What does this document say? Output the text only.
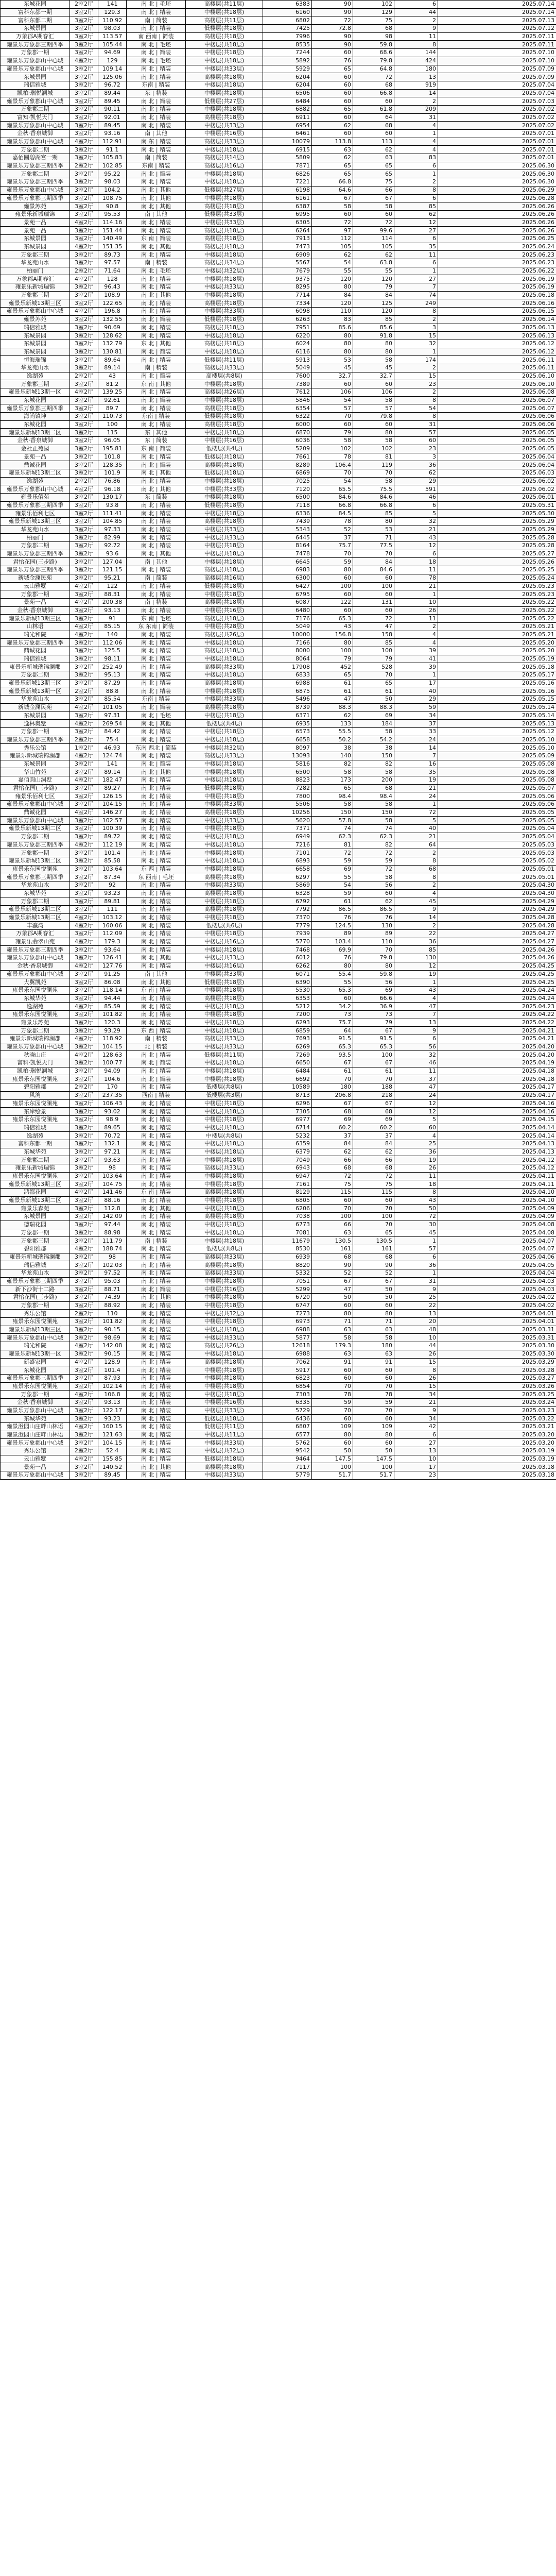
东城花园	2室2厅	141	南 北 | 毛坯	高楼层(共11层)	6383	90	102	6	2025.07.14
富科东都一期	3室2厅	129.3	南 北 | 精装	中楼层(共18层)	6160	90	129	44	2025.07.14
富科东都二期	3室2厅	110.92	南 | 简装	高楼层(共11层)	6802	72	75	2	2025.07.13
东城景园	3室2厅	98.03	南 北 | 精装	低楼层(共18层)	7425	72.8	68	9	2025.07.12
万象郡A期春汇	3室2厅	113.57	南 西南 | 简装	高楼层(共18层)	7996	90	98	11	2025.07.11
雍景乐万象郡三期四季	3室2厅	105.44	南 北 | 毛坯	中楼层(共18层)	8535	90	59.8	8	2025.07.11
万象郡一期	3室2厅	94.69	南 北 | 简装	中楼层(共18层)	7244	60	68.6	144	2025.07.10
雍景乐万象郡山中心城	4室2厅	129	南 北 | 毛坯	中楼层(共18层)	5892	76	79.8	424	2025.07.10
雍景乐万象郡山中心城	3室2厅	109.14	南 北 | 精装	中楼层(共33层)	5929	65	64.8	180	2025.07.09
东城景园	3室2厅	125.06	南 北 | 精装	高楼层(共18层)	6204	60	72	13	2025.07.09
瑞信雅城	3室2厅	96.72	东南 | 精装	中楼层(共18层)	6204	60	68	919	2025.07.04
凯柏·瑞悦澜城	3室2厅	89.44	东 | 精装	中楼层(共18层)	6506	60	66.8	14	2025.07.04
雍景乐万象郡山中心城	3室2厅	89.45	南 北 | 简装	低楼层(共27层)	6484	60	60	2	2025.07.03
万象郡二期	3室2厅	90.11	南 北 | 精装	中楼层(共18层)	6882	65	61.8	209	2025.07.02
富知·凯悦天门	3室2厅	92.01	南 北 | 精装	高楼层(共18层)	6911	60	64	31	2025.07.02
雍景乐万象郡山中心城	3室2厅	89.45	南 北 | 精装	中楼层(共33层)	6954	62	68	4	2025.07.02
金秋·香泉城御	3室2厅	93.16	南 | 其他	中楼层(共16层)	6461	60	60	1	2025.07.01
雍景乐万象郡山中心城	4室2厅	112.91	南 东 | 精装	高楼层(共33层)	10079	113.8	113	4	2025.07.01
万象郡二期	3室2厅	91.1	南 北 | 精装	中楼层(共18层)	6915	63	62	4	2025.07.01
嘉佰圆碧湖宫一期	3室2厅	105.83	南 | 简装	高楼层(共14层)	5809	62	63	83	2025.07.01
雍景乐万象郡三期四季	2室2厅	102.85	东南 | 精装	高楼层(共16层)	7871	65	65	6	2025.06.30
万象郡二期	3室2厅	95.22	南 北 | 简装	中楼层(共18层)	6826	65	65	1	2025.06.30
雍景乐万象郡三期四季	3室2厅	98.03	南 北 | 精装	中楼层(共18层)	7221	66.8	75	2	2025.06.30
雍景乐万象郡山中心城	3室2厅	104.2	南 北 | 其他	低楼层(共27层)	6198	64.6	66	8	2025.06.29
雍景乐万象郡三期四季	3室2厅	108.75	南 北 | 其他	中楼层(共18层)	6161	67	67	6	2025.06.28
雍景苏苑	3室2厅	90.8	南 北 | 其他	高楼层(共18层)	6387	58	58	85	2025.06.26
雍景乐新城瑞锦	3室2厅	95.53	南 | 其他	低楼层(共33层)	6995	60	60	62	2025.06.26
景苑一品	4室2厅	114.16	南 北 | 精装	中楼层(共33层)	6305	72	72	12	2025.06.26
景苑一品	3室2厅	151.44	南 北 | 精装	高楼层(共18层)	6264	97	99.6	27	2025.06.26
东城景园	3室2厅	140.49	东 南 | 简装	高楼层(共18层)	7913	112	114	6	2025.06.25
东城景园	4室2厅	151.35	南 北 | 其他	高楼层(共18层)	7473	105	105	35	2025.06.24
万象郡三期	3室2厅	89.73	南 北 | 精装	中楼层(共18层)	6909	62	62	11	2025.06.23
华龙苑山水	3室2厅	97.57	南 | 精装	高楼层(共34层)	5567	54	63.8	6	2025.06.23
柏丽门	2室2厅	71.64	南 北 | 毛坯	中楼层(共32层)	7679	55	55	1	2025.06.22
万象郡A期春汇	4室2厅	128	南 北 | 精装	中楼层(共18层)	9375	120	120	27	2025.06.19
雍景乐新城瑞锦	3室2厅	96.43	南 北 | 精装	中楼层(共33层)	8295	80	79	7	2025.06.19
万象郡三期	3室2厅	108.9	南 北 | 其他	中楼层(共18层)	7714	84	84	74	2025.06.18
雍景乐新城13期三区	3室2厅	122.65	南 北 | 精装	高楼层(共18层)	7334	120	125	249	2025.06.16
雍景乐万象郡山中心城	4室2厅	196.8	南 北 | 精装	中楼层(共33层)	6098	110	120	8	2025.06.15
雍景苏苑	3室2厅	132.55	南 北 | 简装	低楼层(共18层)	6263	83	85	2	2025.06.14
瑞信雅城	3室2厅	90.69	南 北 | 精装	高楼层(共18层)	7951	85.6	85.6	3	2025.06.13
东城景园	3室2厅	128.62	南 北 | 精装	中楼层(共18层)	6220	80	91.8	15	2025.06.13
东城景园	3室2厅	132.79	东 北 | 其他	高楼层(共18层)	6024	80	80	32	2025.06.12
东城景园	3室2厅	130.81	南 北 | 简装	中楼层(共18层)	6116	80	80	1	2025.06.12
恒海瑞锦	3室2厅	89.64	南 北 | 精装	低楼层(共11层)	5913	53	58	174	2025.06.11
华龙苑山水	3室2厅	89.14	南 | 精装	高楼层(共33层)	5049	45	45	2	2025.06.11
逸湖苑	2室2厅	43	南 北 | 简装	高楼层(共8层)	7600	32.7	32.7	15	2025.06.10
万象郡三期	3室2厅	81.2	东 南 | 其他	中楼层(共18层)	7389	60	60	23	2025.06.10
雍景乐新城13期一区	4室2厅	139.25	南 北 | 精装	高楼层(共26层)	7612	106	106	2	2025.06.08
东城花园	3室2厅	92.61	南 北 | 简装	中楼层(共18层)	5846	54	58	8	2025.06.07
雍景乐万象郡三期四季	3室2厅	89.7	南 北 | 精装	高楼层(共18层)	6354	57	57	54	2025.06.07
海尚镇坤	3室2厅	110.73	东南 | 精装	低楼层(共18层)	6322	70	79.8	8	2025.06.06
东城花园	3室2厅	100	南 北 | 精装	高楼层(共18层)	6000	60	60	31	2025.06.06
雍景乐新城13期二区	3室2厅	115	东 | 其他	中楼层(共18层)	6870	79	80	57	2025.06.05
金秋·香泉城御	3室2厅	96.05	东 | 简装	中楼层(共16层)	6036	58	58	60	2025.06.05
金社正苑园	3室2厅	195.81	东 南 | 简装	低楼层(共4层)	5209	102	102	23	2025.06.05
景苑一品	3室2厅	101.8	南 北 | 精装	低楼层(共18层)	7661	78	81	3	2025.06.04
鼎诚花园	3室2厅	128.35	南 北 | 简装	高楼层(共18层)	8289	106.4	119	36	2025.06.04
雍景乐新城13期二区	3室2厅	101.9	南 北 | 其他	低楼层(共18层)	6869	70	70	62	2025.06.03
逸湖苑	2室2厅	76.86	南 北 | 精装	中楼层(共18层)	7025	54	58	29	2025.06.02
雍景乐万象郡山中心城	4室2厅	96.18	南 北 | 其他	中楼层(共33层)	7120	65.5	75.5	591	2025.06.02
雍景乐佰苑	3室2厅	130.17	东 | 简装	中楼层(共18层)	6500	84.6	84.6	46	2025.06.01
雍景乐万象郡三期四季	3室2厅	93.8	南 北 | 精装	低楼层(共18层)	7118	66.8	66.8	6	2025.05.31
雍景乐佰利七区	3室2厅	111.41	南 北 | 精装	中楼层(共18层)	6336	84.5	85	5	2025.05.30
雍景乐新城13期三区	3室2厅	104.85	南 北 | 精装	高楼层(共18层)	7439	78	80	32	2025.05.29
华龙苑山水	3室2厅	97.33	南 北 | 精装	中楼层(共33层)	5343	52	53	21	2025.05.29
柏丽门	3室2厅	82.99	南 北 | 精装	中楼层(共33层)	6445	37	71	43	2025.05.28
万象郡二期	3室2厅	92.72	南 北 | 精装	中楼层(共18层)	8164	75.7	77.5	12	2025.05.28
雍景乐万象郡三期四季	3室2厅	93.6	南 北 | 其他	中楼层(共18层)	7478	70	70	6	2025.05.27
君怡花园(三步路)	3室2厅	127.04	南 | 其他	中楼层(共18层)	6645	59	84	18	2025.05.26
雍景乐万象郡三期四季	3室2厅	121.15	南 北 | 精装	高楼层(共18层)	6983	80	84.6	11	2025.05.25
新城金澜民苑	3室2厅	95.21	南 | 简装	高楼层(共16层)	6300	60	60	78	2025.05.24
云山雅墅	4室2厅	122	南 北 | 精装	低楼层(共18层)	6427	100	100	21	2025.05.23
万象郡一期	3室2厅	88.31	南 北 | 精装	中楼层(共18层)	6795	60	60	1	2025.05.23
景苑一品	4室2厅	200.38	南 | 精装	高楼层(共18层)	6087	122	131	10	2025.05.22
金秋·香泉城御	3室2厅	93.13	南 北 | 精装	中楼层(共16层)	6480	60	60	26	2025.05.22
雍景乐新城13期三区	3室2厅	91	东 南 | 毛坯	高楼层(共18层)	7176	65.3	72	11	2025.05.22
山林语	4室2厅	85.15	东 东南 | 简装	中楼层(共28层)	5049	43	47	2	2025.05.21
瑞光和院	4室2厅	140	南 北 | 精装	高楼层(共26层)	10000	156.8	158	4	2025.05.21
雍景乐万象郡三期四季	3室2厅	112.06	南 北 | 精装	中楼层(共18层)	7166	80	85	4	2025.05.20
鼎诚花园	3室2厅	125.5	南 北 | 精装	高楼层(共18层)	8000	100	100	39	2025.05.20
瑞信雅城	3室2厅	98.11	南 北 | 精装	中楼层(共18层)	8064	79	79	41	2025.05.19
雍景乐新城瑞锦澜郡	3室2厅	252.49	南 北 | 精装	高楼层(共33层)	17908	452	528	39	2025.05.18
万象郡二期	3室2厅	95.13	南 北 | 精装	中楼层(共18层)	6833	65	70	1	2025.05.17
雍景乐新城13期三区	3室2厅	87.29	南 北 | 精装	高楼层(共18层)	6988	61	65	17	2025.05.16
雍景乐新城13期一区	2室2厅	88.8	南 北 | 精装	中楼层(共18层)	6875	61	61	40	2025.05.16
华龙苑山水	3室2厅	85.54	东南 | 精装	中楼层(共33层)	5496	47	50	29	2025.05.15
新城金澜民苑	4室2厅	101.05	南 北 | 简装	高楼层(共18层)	8739	88.3	88.3	59	2025.05.14
东城景园	3室2厅	97.31	南 北 | 毛坯	中楼层(共18层)	6371	62	69	34	2025.05.14
逸林奥墅	4室2厅	269.54	南 北 | 其他	低楼层(共4层)	6935	133	184	37	2025.05.13
万象郡一期	3室2厅	84.42	南 北 | 精装	中楼层(共18层)	6573	55.5	58	33	2025.05.12
雍景乐万象郡三期四季	2室2厅	75.4	南 北 | 精装	中楼层(共18层)	6658	50.2	54.2	24	2025.05.10
秀乐公馆	1室2厅	46.93	东南 西北 | 简装	中楼层(共32层)	8097	38	38	14	2025.05.10
雍景乐新城瑞锦澜郡	4室2厅	124.74	南 北 | 精装	高楼层(共33层)	13093	140	150	7	2025.05.09
东城景园	3室2厅	141	南 北 | 简装	中楼层(共18层)	5816	82	82	16	2025.05.08
华山竹苑	3室2厅	89.14	南 北 | 其他	中楼层(共18层)	6500	58	58	35	2025.05.08
嘉佰圆山洞墅	4室2厅	182.47	南 北 | 精装	中楼层(共18层)	8823	173	200	19	2025.05.08
君怡花园(三步路)	3室2厅	89.27	南 北 | 精装	低楼层(共18层)	7282	65	68	21	2025.05.07
雍景乐佰利七区	3室2厅	126.15	南 北 | 精装	中楼层(共18层)	7800	98.4	98.4	24	2025.05.06
雍景乐万象郡山中心城	3室2厅	104.15	南 北 | 精装	中楼层(共33层)	5506	58	58	1	2025.05.06
鼎诚花园	4室2厅	146.27	南 北 | 精装	高楼层(共18层)	10256	150	150	72	2025.05.05
雍景乐万象郡山中心城	3室2厅	102.57	南 北 | 精装	中楼层(共33层)	5620	57.8	58	5	2025.05.05
雍景乐新城13期二区	3室2厅	100.39	南 北 | 精装	中楼层(共18层)	7371	74	74	40	2025.05.04
万象郡二期	3室2厅	89.72	南 北 | 精装	中楼层(共18层)	6949	62.3	62.3	21	2025.05.04
雍景乐万象郡三期四季	4室2厅	112.19	南 北 | 精装	中楼层(共18层)	7216	81	82	64	2025.05.03
万象郡一期	3室2厅	101.4	南 北 | 精装	中楼层(共18层)	7101	72	72	2	2025.05.03
雍景乐新城13期二区	3室2厅	85.58	南 北 | 精装	中楼层(共18层)	6893	59	59	8	2025.05.02
雍景乐东园悦澜苑	3室2厅	103.64	东 西 | 精装	中楼层(共18层)	6658	69	72	68	2025.05.01
雍景乐万象郡三期四季	3室2厅	87.34	东 西南 | 毛坯	高楼层(共18层)	6297	55	58	8	2025.05.01
华龙苑山水	3室2厅	92	南 北 | 精装	中楼层(共33层)	5869	54	56	2	2025.04.30
东城华苑	3室2厅	93.23	南 北 | 精装	高楼层(共18层)	6328	59	60	4	2025.04.30
万象郡二期	3室2厅	89.81	南 北 | 精装	中楼层(共18层)	6792	61	62	45	2025.04.29
雍景乐新城13期二区	3室2厅	111	南 北 | 精装	高楼层(共18层)	7792	86.5	86.5	9	2025.04.29
雍景乐新城13期二区	4室2厅	103.12	南 北 | 精装	中楼层(共18层)	7370	76	76	14	2025.04.28
丰瀛湾	4室2厅	160.06	南 北 | 精装	低楼层(共6层)	7779	124.5	130	2	2025.04.28
万象郡A期春汇	3室2厅	112.09	南 北 | 精装	中楼层(共18层)	7939	89	89	22	2025.04.27
雍景乐翡翠山苑	4室2厅	179.3	南 北 | 精装	中楼层(共16层)	5770	103.4	110	36	2025.04.27
雍景乐万象郡三期四季	3室2厅	93.64	南 北 | 精装	中楼层(共18层)	7468	69.9	70	85	2025.04.26
雍景乐万象郡山中心城	3室2厅	126.41	南 北 | 其他	中楼层(共33层)	6012	76	79.8	130	2025.04.26
金秋·香泉城御	4室2厅	127.76	南 北 | 精装	中楼层(共16层)	6262	80	80	12	2025.04.25
雍景乐万象郡山中心城	3室2厅	91.25	南 | 其他	中楼层(共33层)	6071	55.4	59.8	19	2025.04.25
大翼凯苑	3室2厅	86.08	南 北 | 其他	低楼层(共18层)	6390	55	56	1	2025.04.25
雍景乐东园悦澜苑	3室2厅	118.14	东 南 | 精装	中楼层(共18层)	5530	65.3	69	43	2025.04.24
东城华苑	3室2厅	94.44	南 北 | 精装	高楼层(共18层)	6353	60	66.6	4	2025.04.24
逸湖苑	4室2厅	85.59	南 北 | 精装	中楼层(共18层)	5212	34.2	36.9	47	2025.04.23
雍景乐东园悦澜苑	3室2厅	101.82	南 北 | 精装	中楼层(共18层)	7200	73	73	7	2025.04.22
雍景乐苏苑	3室2厅	120.3	南 北 | 精装	中楼层(共18层)	6293	75.7	79	13	2025.04.22
万象郡二期	3室2厅	93.29	东 西 | 精装	中楼层(共18层)	6859	64	67	9	2025.04.21
雍景乐新城瑞锦澜郡	4室2厅	118.92	南 | 精装	高楼层(共33层)	7693	91.5	91.5	6	2025.04.21
雍景乐万象郡山中心城	3室2厅	104.15	北 | 精装	中楼层(共33层)	6269	65.3	65.3	56	2025.04.20
秋晓山庄	4室2厅	128.63	南 北 | 精装	低楼层(共11层)	7269	93.5	100	32	2025.04.20
富科·凯悦天门	3室2厅	100.77	南 北 | 简装	中楼层(共18层)	6650	67	67	46	2025.04.19
凯柏·瑞悦澜城	3室2厅	94.09	南 北 | 精装	中楼层(共18层)	6484	61	61	11	2025.04.18
雍景乐东园悦澜苑	3室2厅	104.6	南 北 | 简装	中楼层(共18层)	6692	70	70	37	2025.04.18
碧阳雅郡	2室2厅	170	南 北 | 精装	低楼层(共8层)	10589	180	188	47	2025.04.17
风湾	3室2厅	237.35	西南 | 精装	低楼层(共3层)	8713	206.8	218	24	2025.04.17
雍景乐东园悦澜苑	3室2厅	106.43	南 北 | 精装	中楼层(共18层)	6296	67	67	12	2025.04.16
东岸绘景	3室2厅	93.02	南 北 | 精装	中楼层(共18层)	7305	68	68	12	2025.04.16
雍景乐东园悦澜苑	3室2厅	98.9	南 北 | 精装	中楼层(共18层)	6977	69	69	5	2025.04.15
瑞信雅城	3室2厅	89.65	南 北 | 精装	中楼层(共18层)	6714	60.2	60.2	60	2025.04.14
逸湖苑	3室2厅	70.72	南 北 | 精装	中楼层(共8层)	5232	37	37	4	2025.04.14
富科东都一期	3室2厅	132.1	南 北 | 精装	中楼层(共18层)	6359	84	84	25	2025.04.13
东城华苑	3室2厅	97.21	南 北 | 精装	中楼层(共18层)	6379	62	62	36	2025.04.13
万象郡二期	3室2厅	93.63	南 北 | 精装	中楼层(共18层)	7049	66	66	19	2025.04.12
雍景乐新城瑞锦	3室2厅	98	南 北 | 精装	高楼层(共33层)	6943	68	68	26	2025.04.12
雍景乐东园悦澜苑	3室2厅	103.64	南 北 | 精装	中楼层(共18层)	6947	72	72	11	2025.04.11
雍景乐新城13期三区	3室2厅	104.75	南 北 | 精装	中楼层(共18层)	7161	75	75	18	2025.04.11
鸿都花园	4室2厅	141.46	东 南 | 精装	高楼层(共18层)	8129	115	115	8	2025.04.10
雍景乐新城13期二区	3室2厅	88.16	南 北 | 精装	中楼层(共18层)	6805	60	60	43	2025.04.10
雍景乐森苑	3室2厅	112.8	南 北 | 其他	中楼层(共18层)	6206	70	70	50	2025.04.09
东城景园	3室2厅	142.09	南 北 | 精装	高楼层(共18层)	7038	100	100	72	2025.04.09
德瑞花园	3室2厅	97.44	南 北 | 精装	中楼层(共18层)	6773	66	70	30	2025.04.08
万象郡一期	3室2厅	88.98	南 北 | 精装	中楼层(共18层)	7081	63	65	45	2025.04.08
万象郡三期	3室2厅	111.79	南 | 精装	中楼层(共18层)	11679	130.5	130.5	1	2025.04.07
碧阳雅郡	4室2厅	188.74	南 北 | 精装	低楼层(共8层)	8530	161	161	57	2025.04.07
雍景乐新城瑞锦澜郡	3室2厅	98	南 北 | 精装	高楼层(共33层)	6939	68	68	6	2025.04.06
瑞信雅城	3室2厅	102.03	南 北 | 精装	高楼层(共18层)	8820	90	90	36	2025.04.05
华龙苑山水	3室2厅	97.52	南 北 | 精装	高楼层(共33层)	5332	52	52	1	2025.04.04
雍景乐万象郡三期四季	3室2厅	95.03	南 北 | 精装	中楼层(共18层)	7051	67	67	31	2025.04.03
新下沙街十二路	3室2厅	88.71	南 北 | 简装	中楼层(共16层)	5299	47	50	9	2025.04.03
君怡花园(三步路)	3室2厅	74.39	南 北 | 其他	中楼层(共18层)	6720	50	50	25	2025.04.02
万象郡一期	3室2厅	88.92	南 北 | 精装	中楼层(共18层)	6747	60	60	22	2025.04.02
秀乐公馆	2室2厅	110	南 北 | 精装	中楼层(共32层)	7273	80	80	13	2025.04.01
雍景乐东园悦澜苑	3室2厅	101.82	南 北 | 精装	中楼层(共18层)	6973	71	71	20	2025.04.01
雍景乐新城13期三区	3室2厅	90.15	南 北 | 精装	中楼层(共18层)	6988	63	63	48	2025.03.31
雍景乐万象郡山中心城	3室2厅	98.69	南 北 | 精装	中楼层(共33层)	5877	58	58	10	2025.03.31
瑞光和院	4室2厅	142.08	南 北 | 精装	高楼层(共26层)	12618	179.3	180	44	2025.03.30
雍景乐新城13期一区	3室2厅	90.15	南 北 | 精装	中楼层(共18层)	6988	63	63	26	2025.03.30
新盛家园	4室2厅	128.9	南 北 | 精装	高楼层(共18层)	7062	91	91	15	2025.03.29
东城花园	3室2厅	101.4	南 北 | 精装	中楼层(共18层)	5917	60	60	8	2025.03.28
雍景乐万象郡三期四季	3室2厅	87.93	南 北 | 精装	中楼层(共18层)	6823	60	60	26	2025.03.27
雍景乐东园悦澜苑	3室2厅	102.14	南 北 | 精装	中楼层(共18层)	6854	70	70	15	2025.03.26
万象郡一期	4室2厅	106.8	南 北 | 精装	中楼层(共18层)	7303	78	78	34	2025.03.25
金秋·香泉城御	3室2厅	93.13	南 北 | 精装	中楼层(共16层)	6335	59	59	21	2025.03.24
雍景乐万象郡山中心城	3室2厅	122.17	南 北 | 精装	中楼层(共33层)	5729	70	70	9	2025.03.23
东城华苑	3室2厅	93.23	南 北 | 精装	低楼层(共18层)	6436	60	60	34	2025.03.22
雍景澄园山庄畔山林语	4室2厅	160.15	南 北 | 精装	低楼层(共11层)	6807	109	109	42	2025.03.21
雍景澄园山庄畔山林语	3室2厅	121.63	南 北 | 精装	中楼层(共11层)	6577	80	80	6	2025.03.20
雍景乐万象郡山中心城	3室2厅	104.15	南 北 | 精装	中楼层(共33层)	5762	60	60	27	2025.03.20
秀乐公馆	2室2厅	52.4	南 北 | 精装	中楼层(共32层)	9542	50	50	13	2025.03.19
云山雅墅	4室2厅	155.85	南 北 | 精装	低楼层(共18层)	9464	147.5	147.5	10	2025.03.19
景苑一品	3室2厅	140.52	南 北 | 其他	高楼层(共18层)	7117	100	100	17	2025.03.18
雍景乐万象郡山中心城	3室2厅	89.45	南 北 | 精装	中楼层(共33层)	5779	51.7	51.7	23	2025.03.18
